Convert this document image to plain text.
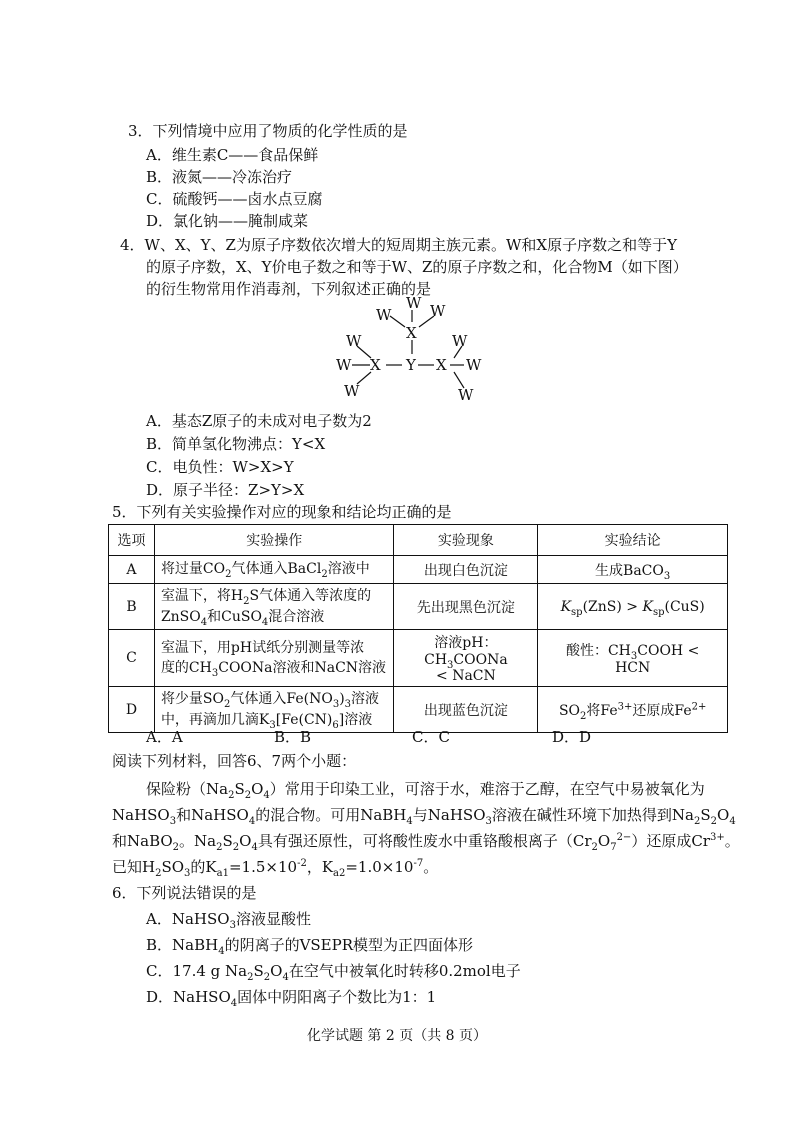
3．下列情境中应用了物质的化学性质的是
A．维生素C——食品保鲜
B．液氮——冷冻治疗
C．硫酸钙——卤水点豆腐
D．氯化钠——腌制咸菜
4．W、X、Y、Z为原子序数依次增大的短周期主族元素。W和X原子序数之和等于Y
的原子序数，X、Y价电子数之和等于W、Z的原子序数之和，化合物M（如下图）
的衍生物常用作消毒剂，下列叙述正确的是
W
W	W
X
W
W X Y X W
W
W	W
A．基态Z原子的未成对电子数为2
B．简单氢化物沸点：Y<X
C．电负性：W>X>Y
D．原子半径：Z>Y>X
5．下列有关实验操作对应的现象和结论均正确的是
选项	实验操作	实验现象	实验结论
A	将过量$CO_2$气体通入BaCl$_2$溶液中	出现白色沉淀	生成BaCO$_3$
B	室温下，将$H_2S$气体通入等浓度的
ZnSO$_4$和CuSO$_4$混合溶液	先出现黑色沉淀	$K_{sp}(ZnS) > K_{sp}(CuS)$
C	室温下，用pH试纸分别测量等浓
度的$CH_3COONa$溶液和NaCN溶液	溶液pH：$CH_3COONa$
< NaCN	酸性：$CH_3COOH$ <
HCN
D	将少量$SO_2$气体通入$Fe(NO_3)_3$溶液
中，再滴加几滴$K_3[Fe(CN)_6]$溶液	出现蓝色沉淀	$SO_2$将$Fe^{3+}$还原成$Fe^{2+}$
A．A	B．B	C．C	D．D
阅读下列材料，回答6、7两个小题：
保险粉$(Na_2S_2O_4)$常用于印染工业，可溶于水，难溶于乙醇，在空气中易被氧化为
NaHSO$_3$和NaHSO$_4$的混合物。可用NaBH$_4$与NaHSO$_3$溶液在碱性环境下加热得到$Na_2S_2O_4$
和NaBO$_2$。$Na_2S_2O_4$具有强还原性，可将酸性废水中重铬酸根离子$(Cr_2O_7^{2-})$还原成$Cr^{3+}$。
已知$H_2SO_3$的$K_{a1}=1.5\times 10^{-2}$，$K_{a2}=1.0\times 10^{-7}$。
6．下列说法错误的是
A．NaHSO$_3$溶液显酸性
B．NaBH$_4$的阴离子的VSEPR模型为正四面体形
C．17.4 g $Na_2S_2O_4$在空气中被氧化时转移0.2mol电子
D．NaHSO$_4$固体中阴阳离子个数比为1：1
化学试题 第 2 页（共 8 页）
